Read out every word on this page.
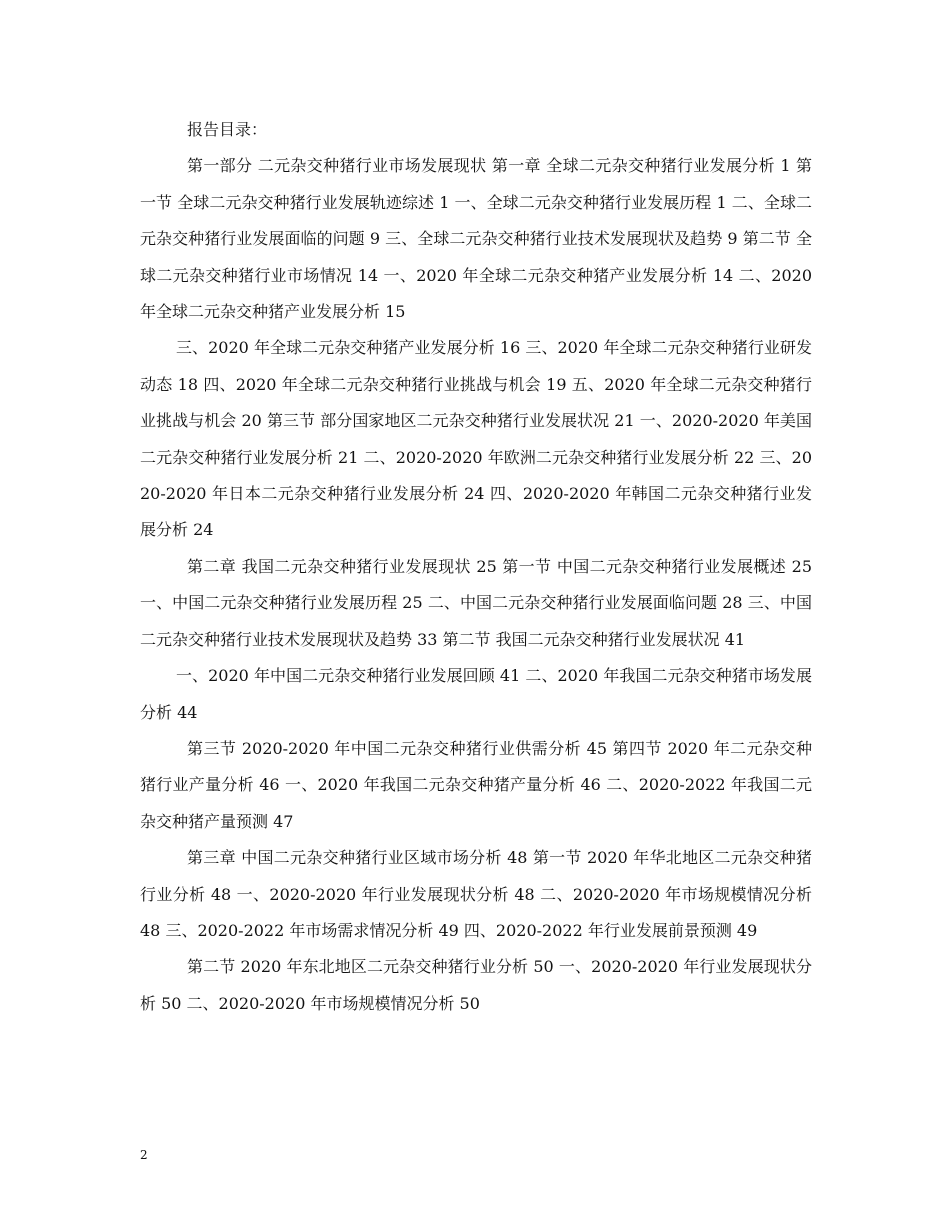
报告目录：

第一部分 二元杂交种猪行业市场发展现状 第一章 全球二元杂交种猪行业发展分析 1 第一节 全球二元杂交种猪行业发展轨迹综述 1 一、全球二元杂交种猪行业发展历程 1 二、全球二元杂交种猪行业发展面临的问题 9 三、全球二元杂交种猪行业技术发展现状及趋势 9 第二节 全球二元杂交种猪行业市场情况 14 一、2020 年全球二元杂交种猪产业发展分析 14 二、2020 年全球二元杂交种猪产业发展分析 15

三、2020 年全球二元杂交种猪产业发展分析 16 三、2020 年全球二元杂交种猪行业研发动态 18 四、2020 年全球二元杂交种猪行业挑战与机会 19 五、2020 年全球二元杂交种猪行业挑战与机会 20 第三节 部分国家地区二元杂交种猪行业发展状况 21 一、2020-2020 年美国二元杂交种猪行业发展分析 21 二、2020-2020 年欧洲二元杂交种猪行业发展分析 22 三、2020-2020 年日本二元杂交种猪行业发展分析 24 四、2020-2020 年韩国二元杂交种猪行业发展分析 24

第二章 我国二元杂交种猪行业发展现状 25 第一节 中国二元杂交种猪行业发展概述 25 一、中国二元杂交种猪行业发展历程 25 二、中国二元杂交种猪行业发展面临问题 28 三、中国二元杂交种猪行业技术发展现状及趋势 33 第二节 我国二元杂交种猪行业发展状况 41

一、2020 年中国二元杂交种猪行业发展回顾 41 二、2020 年我国二元杂交种猪市场发展分析 44

第三节 2020-2020 年中国二元杂交种猪行业供需分析 45 第四节 2020 年二元杂交种猪行业产量分析 46 一、2020 年我国二元杂交种猪产量分析 46 二、2020-2022 年我国二元杂交种猪产量预测 47

第三章 中国二元杂交种猪行业区域市场分析 48 第一节 2020 年华北地区二元杂交种猪行业分析 48 一、2020-2020 年行业发展现状分析 48 二、2020-2020 年市场规模情况分析 48 三、2020-2022 年市场需求情况分析 49 四、2020-2022 年行业发展前景预测 49

第二节 2020 年东北地区二元杂交种猪行业分析 50 一、2020-2020 年行业发展现状分析 50 二、2020-2020 年市场规模情况分析 50

2
